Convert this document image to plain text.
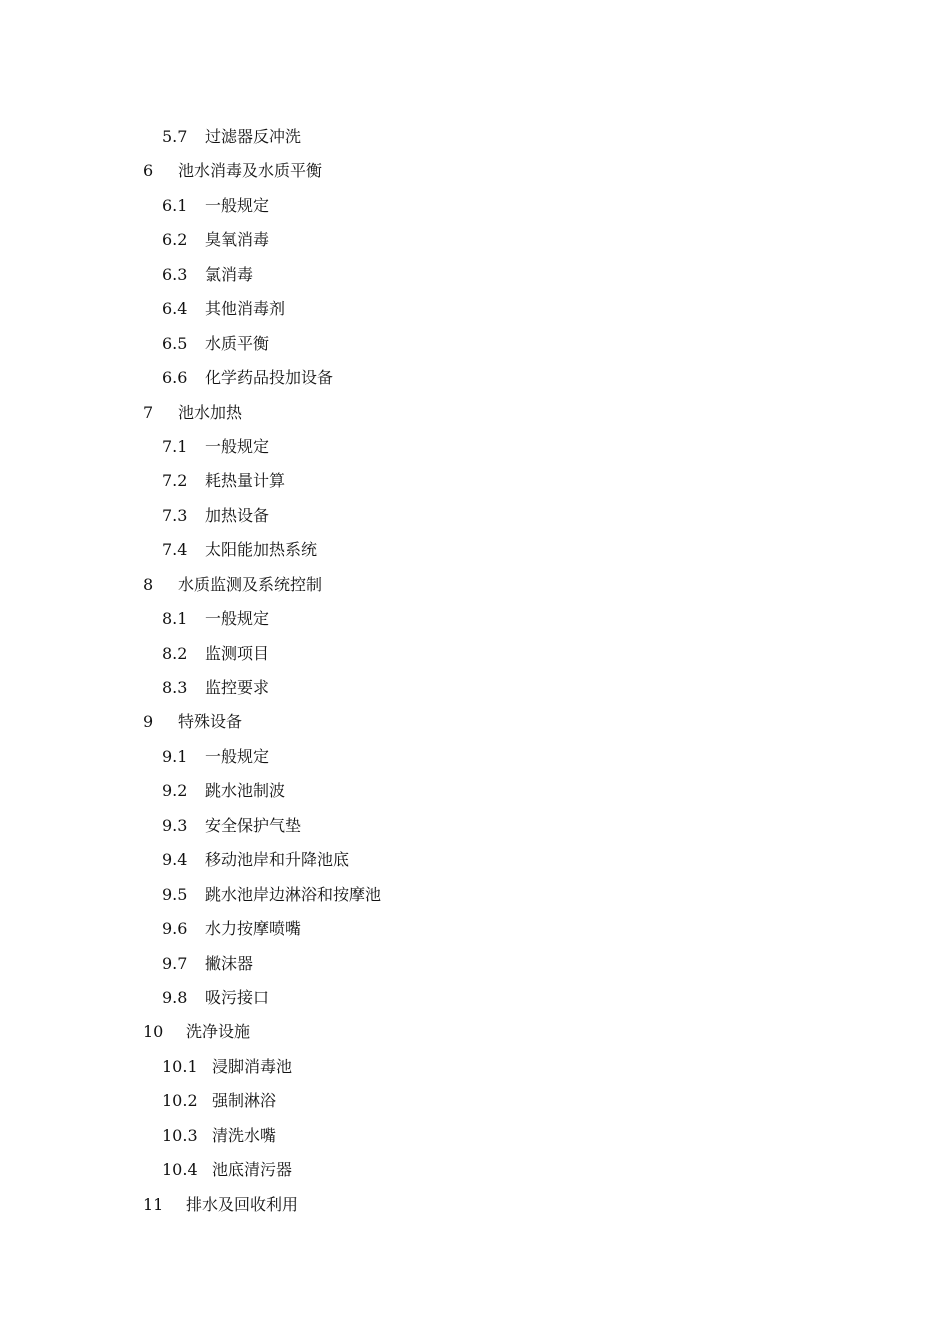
5.7 过滤器反冲洗
6 池水消毒及水质平衡
6.1 一般规定
6.2 臭氧消毒
6.3 氯消毒
6.4 其他消毒剂
6.5 水质平衡
6.6 化学药品投加设备
7 池水加热
7.1 一般规定
7.2 耗热量计算
7.3 加热设备
7.4 太阳能加热系统
8 水质监测及系统控制
8.1 一般规定
8.2 监测项目
8.3 监控要求
9 特殊设备
9.1 一般规定
9.2 跳水池制波
9.3 安全保护气垫
9.4 移动池岸和升降池底
9.5 跳水池岸边淋浴和按摩池
9.6 水力按摩喷嘴
9.7 撇沫器
9.8 吸污接口
10 洗净设施
10.1 浸脚消毒池
10.2 强制淋浴
10.3 清洗水嘴
10.4 池底清污器
11 排水及回收利用
